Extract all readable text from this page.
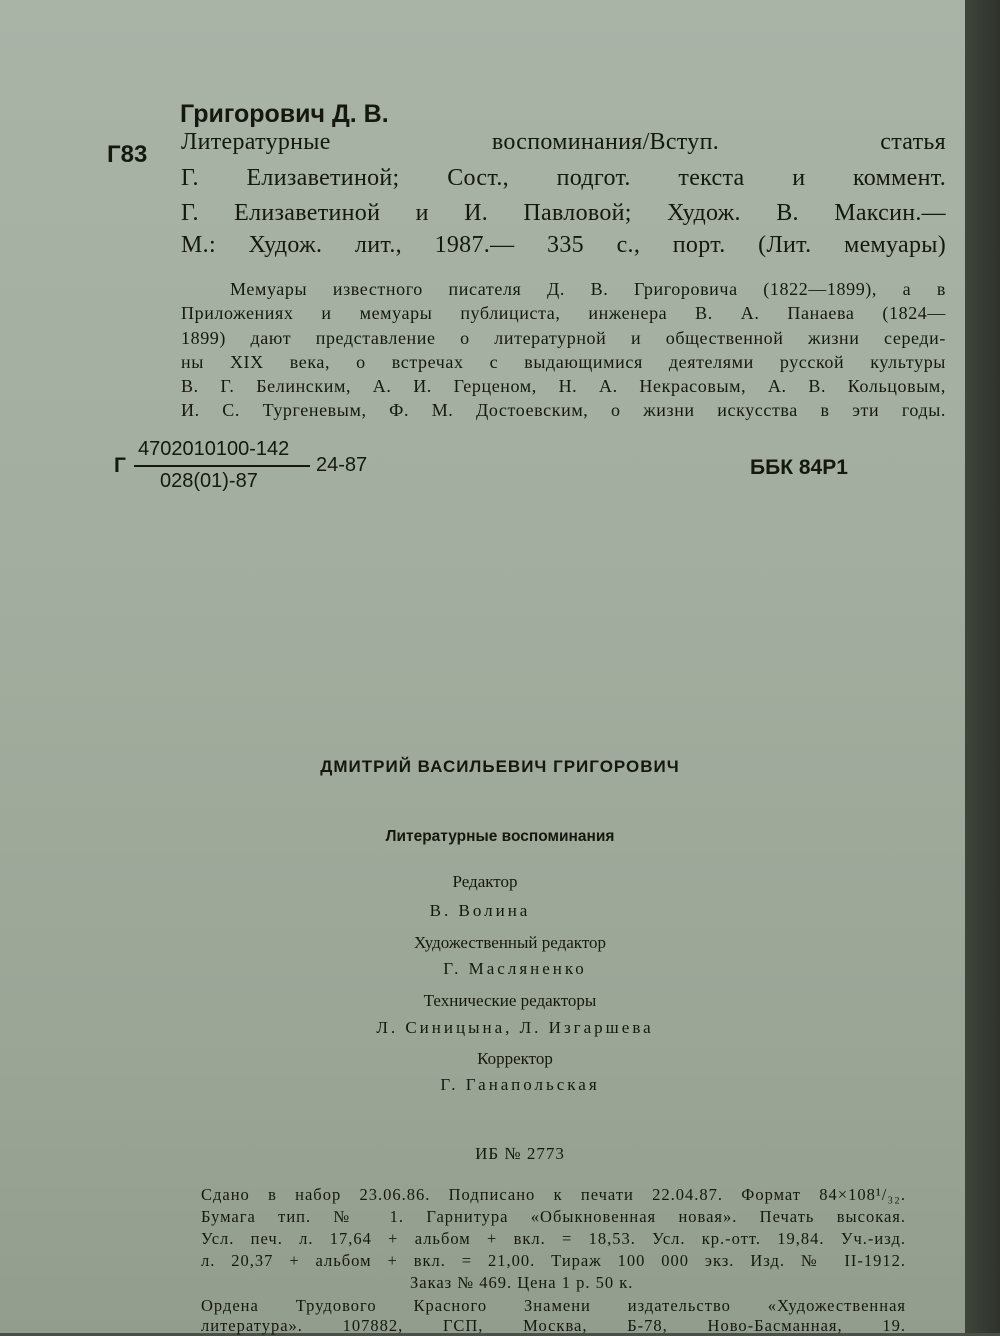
Г83
Григорович Д. В.
Литературные воспоминания/Вступ. статья
Г. Елизаветиной; Сост., подгот. текста и коммент.
Г. Елизаветиной и И. Павловой; Худож. В. Максин.—
М.: Худож. лит., 1987.— 335 с., порт. (Лит. мемуары)
Мемуары известного писателя Д. В. Григоровича (1822—1899), а в
Приложениях и мемуары публициста, инженера В. А. Панаева (1824—
1899) дают представление о литературной и общественной жизни середи-
ны XIX века, о встречах с выдающимися деятелями русской культуры
В. Г. Белинским, А. И. Герценом, Н. А. Некрасовым, А. В. Кольцовым,
И. С. Тургеневым, Ф. М. Достоевским, о жизни искусства в эти годы.
Г
4702010100-142
028(01)-87
24-87	ББК 84Р1
ДМИТРИЙ ВАСИЛЬЕВИЧ ГРИГОРОВИЧ
Литературные воспоминания
Редактор
В. Волина
Художественный редактор
Г. Масляненко
Технические редакторы
Л. Синицына, Л. Изгаршева
Корректор
Г. Ганапольская
ИБ № 2773
Сдано в набор 23.06.86. Подписано к печати 22.04.87. Формат 84×108¹/₃₂.
Бумага тип. № 1. Гарнитура «Обыкновенная новая». Печать высокая.
Усл. печ. л. 17,64 + альбом + вкл. = 18,53. Усл. кр.-отт. 19,84. Уч.-изд.
л. 20,37 + альбом + вкл. = 21,00. Тираж 100 000 экз. Изд. № II-1912.
Заказ № 469. Цена 1 р. 50 к.
Ордена Трудового Красного Знамени издательство «Художественная
литература». 107882, ГСП, Москва, Б-78, Ново-Басманная, 19.
